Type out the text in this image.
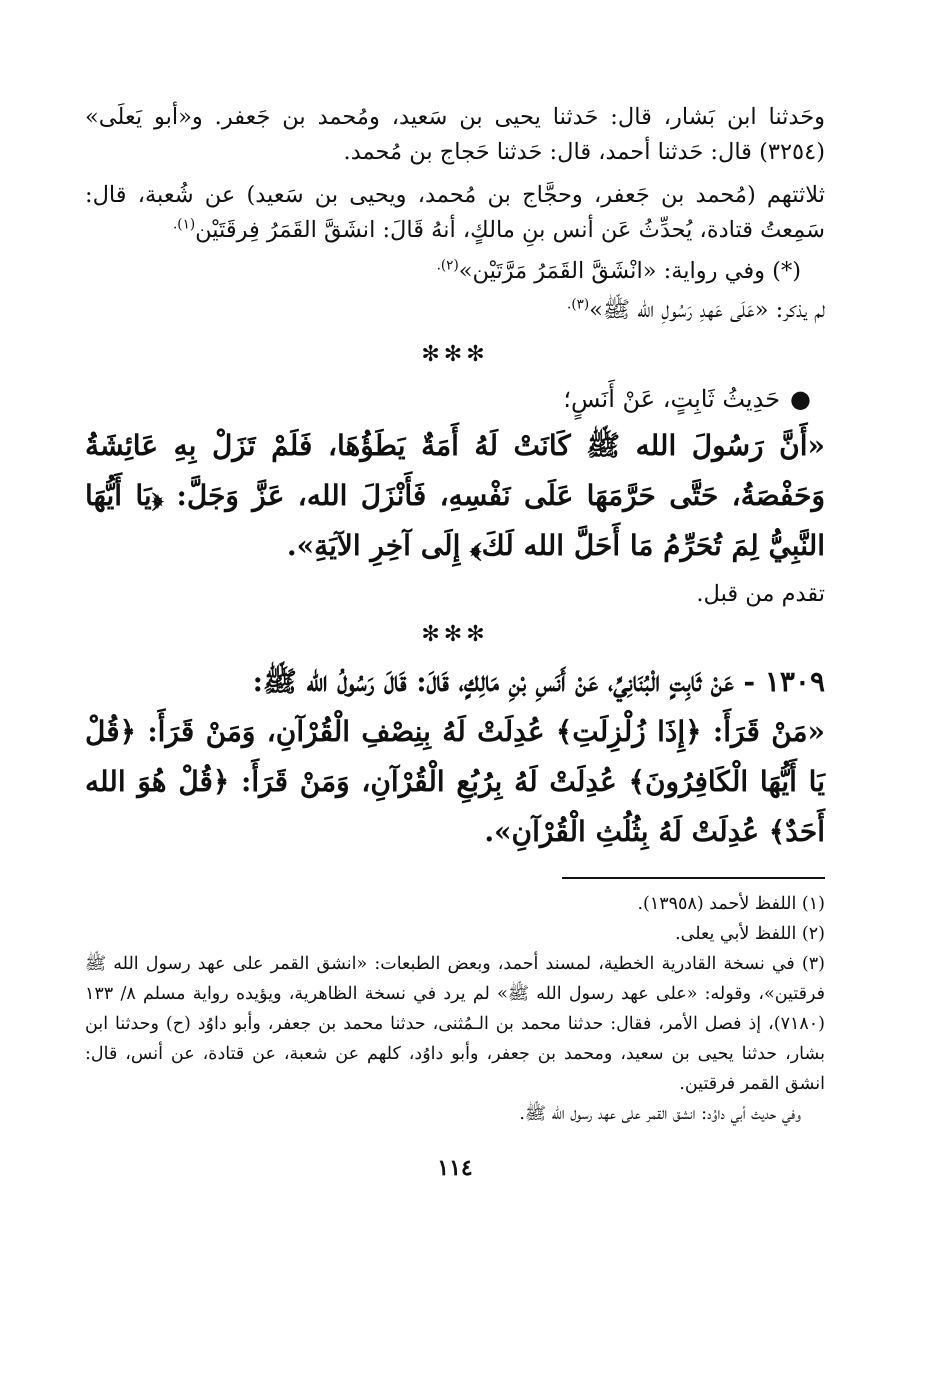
وحَدثنا ابن بَشار، قال: حَدثنا يحيى بن سَعيد، ومُحمد بن جَعفر. و«أبو يَعلَى» (٣٢٥٤) قال: حَدثنا أحمد، قال: حَدثنا حَجاج بن مُحمد.

ثلاثتهم (مُحمد بن جَعفر، وحجَّاج بن مُحمد، ويحيى بن سَعيد) عن شُعبة، قال: سَمِعتُ قتادة، يُحدِّثُ عَن أنس بنِ مالكٍ، أنهُ قَالَ: انشَقَّ القَمَرُ فِرقَتَيْن$^{(١).}$

(*) وفي رواية: «انْشَقَّ القَمَرُ مَرَّتَيْن»$^{(٢).}$

لم يذكر: «عَلَى عَهدِ رَسُولِ الله ﷺ»$^{(٣).}$

✻✻✻

●حَدِيثُ ثَابِتٍ، عَنْ أَنَسٍ؛

«أَنَّ رَسُولَ الله ﷺ كَانَتْ لَهُ أَمَةٌ يَطَؤُهَا، فَلَمْ تَزَلْ بِهِ عَائِشَةُ وَحَفْصَةُ، حَتَّى حَرَّمَهَا عَلَى نَفْسِهِ، فَأَنْزَلَ الله، عَزَّ وَجَلَّ: ﴿يَا أَيُّهَا النَّبِيُّ لِمَ تُحَرِّمُ مَا أَحَلَّ الله لَكَ﴾ إِلَى آخِرِ الآيَةِ».

تقدم من قبل.

✻✻✻

١٣٠٩ - عَنْ ثَابِتٍ الْبُنَانِيِّ، عَنْ أَنَسِ بْنِ مَالِكٍ، قَالَ: قَالَ رَسُولُ الله ﷺ:

«مَنْ قَرَأَ: ﴿إِذَا زُلْزِلَتِ﴾ عُدِلَتْ لَهُ بِنِصْفِ الْقُرْآنِ، وَمَنْ قَرَأَ: ﴿قُلْ يَا أَيُّهَا الْكَافِرُونَ﴾ عُدِلَتْ لَهُ بِرُبُعِ الْقُرْآنِ، وَمَنْ قَرَأَ: ﴿قُلْ هُوَ الله أَحَدٌ﴾ عُدِلَتْ لَهُ بِثُلُثِ الْقُرْآنِ».

(١) اللفظ لأحمد (١٣٩٥٨).

(٢) اللفظ لأبي يعلى.

(٣) في نسخة القادرية الخطية، لمسند أحمد، وبعض الطبعات: «انشق القمر على عهد رسول الله ﷺ فرقتين»، وقوله: «على عهد رسول الله ﷺ» لم يرد في نسخة الظاهرية، ويؤيده رواية مسلم ٨/ ١٣٣ (٧١٨٠)، إذ فصل الأمر، فقال: حدثنا محمد بن الـمُثنى، حدثنا محمد بن جعفر، وأبو داوُد (ح) وحدثنا ابن بشار، حدثنا يحيى بن سعيد، ومحمد بن جعفر، وأبو داوُد، كلهم عن شعبة، عن قتادة، عن أنس، قال: انشق القمر فرقتين.

وفي حديث أبي داوُد: انشق القمر على عهد رسول الله ﷺ.

١١٤
